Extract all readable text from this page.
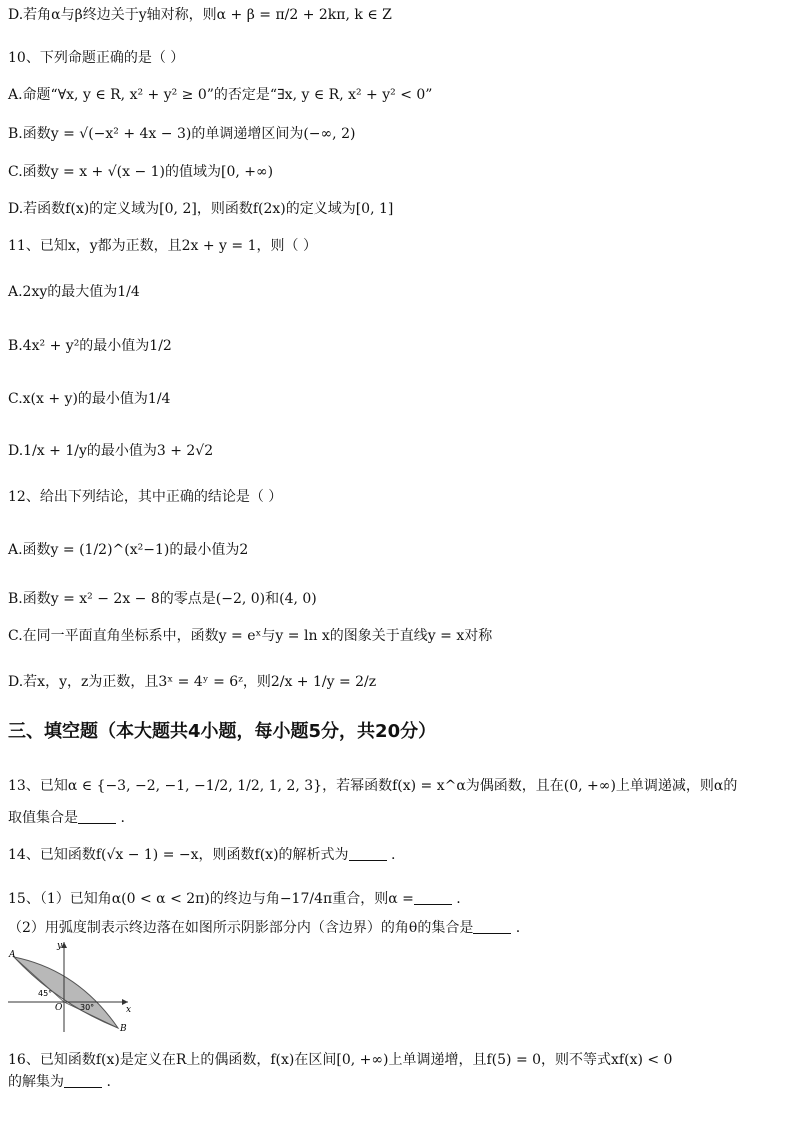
D.若角α与β终边关于y轴对称，则α + β = π/2 + 2kπ, k ∈ Z
10、下列命题正确的是（ ）
A.命题“∀x, y ∈ R, x² + y² ≥ 0”的否定是“∃x, y ∈ R, x² + y² < 0”
B.函数y = √(−x² + 4x − 3)的单调递增区间为(−∞, 2)
C.函数y = x + √(x − 1)的值域为[0, +∞)
D.若函数f(x)的定义域为[0, 2]，则函数f(2x)的定义域为[0, 1]
11、已知x，y都为正数，且2x + y = 1，则（ ）
A.2xy的最大值为1/4
B.4x² + y²的最小值为1/2
C.x(x + y)的最小值为1/4
D.1/x + 1/y的最小值为3 + 2√2
12、给出下列结论，其中正确的结论是（ ）
A.函数y = (1/2)^(x²−1)的最小值为2
B.函数y = x² − 2x − 8的零点是(−2, 0)和(4, 0)
C.在同一平面直角坐标系中，函数y = eˣ与y = ln x的图象关于直线y = x对称
D.若x，y，z为正数，且3ˣ = 4ʸ = 6ᶻ，则2/x + 1/y = 2/z
三、填空题（本大题共4小题，每小题5分，共20分）
13、已知α ∈ {−3, −2, −1, −1/2, 1/2, 1, 2, 3}，若幂函数f(x) = x^α为偶函数，且在(0, +∞)上单调递减，则α的
取值集合是	.
14、已知函数f(√x − 1) = −x，则函数f(x)的解析式为	.
15、（1）已知角α(0 < α < 2π)的终边与角−17/4π重合，则α =	.
（2）用弧度制表示终边落在如图所示阴影部分内（含边界）的角θ的集合是	.
A
B
O	x
y
45°
30°
16、已知函数f(x)是定义在R上的偶函数，f(x)在区间[0, +∞)上单调递增，且f(5) = 0，则不等式xf(x) < 0
的解集为	.
